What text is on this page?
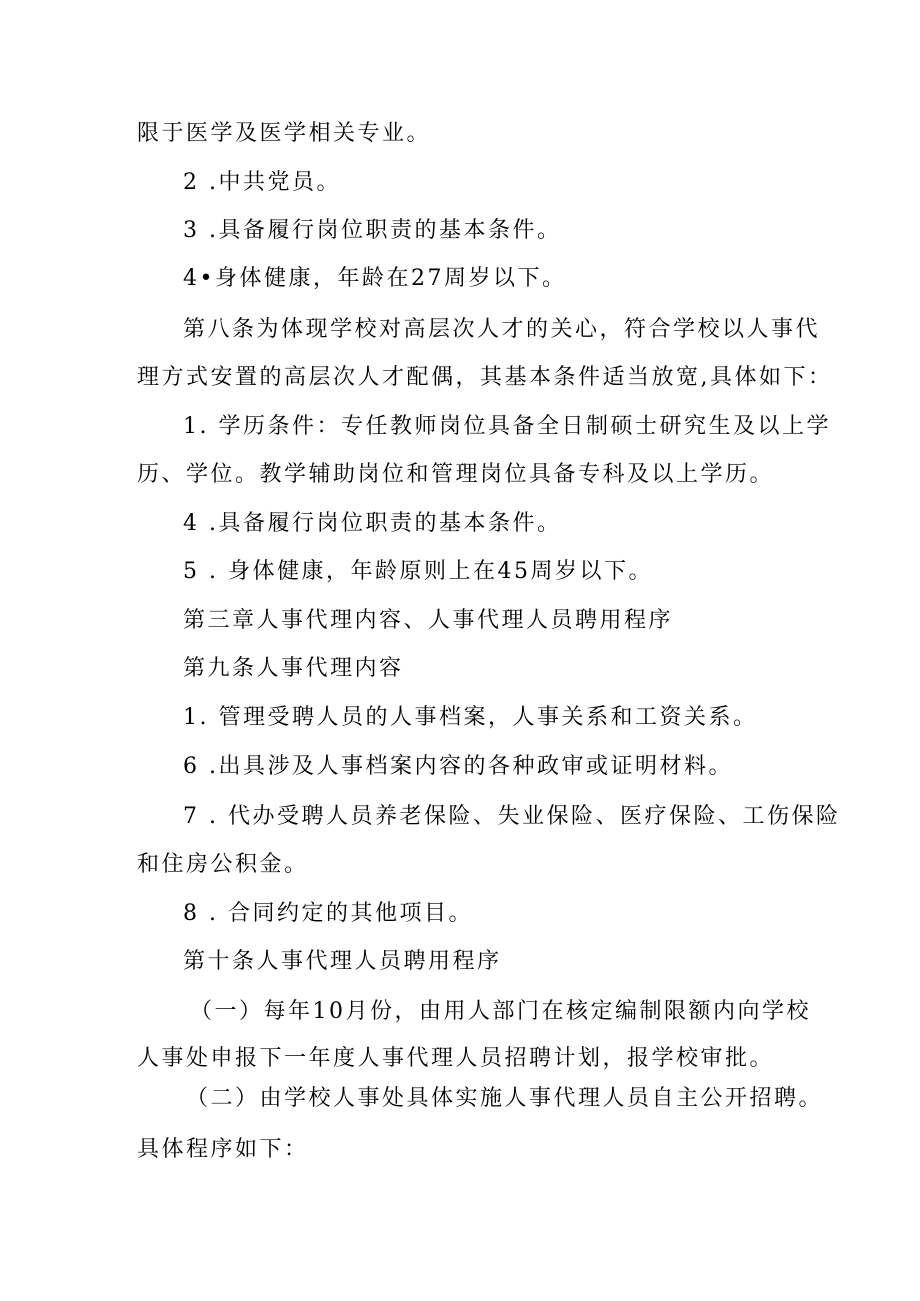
限于医学及医学相关专业。
2 .中共党员。
3 .具备履行岗位职责的基本条件。
4•身体健康，年龄在27周岁以下。
第八条为体现学校对高层次人才的关心，符合学校以人事代
理方式安置的高层次人才配偶，其基本条件适当放宽,具体如下：
1. 学历条件：专任教师岗位具备全日制硕士研究生及以上学
历、学位。教学辅助岗位和管理岗位具备专科及以上学历。
4 .具备履行岗位职责的基本条件。
5 . 身体健康，年龄原则上在45周岁以下。
第三章人事代理内容、人事代理人员聘用程序
第九条人事代理内容
1. 管理受聘人员的人事档案，人事关系和工资关系。
6 .出具涉及人事档案内容的各种政审或证明材料。
7 . 代办受聘人员养老保险、失业保险、医疗保险、工伤保险
和住房公积金。
8 . 合同约定的其他项目。
第十条人事代理人员聘用程序
（一）每年10月份，由用人部门在核定编制限额内向学校
人事处申报下一年度人事代理人员招聘计划，报学校审批。
（二）由学校人事处具体实施人事代理人员自主公开招聘。
具体程序如下：
